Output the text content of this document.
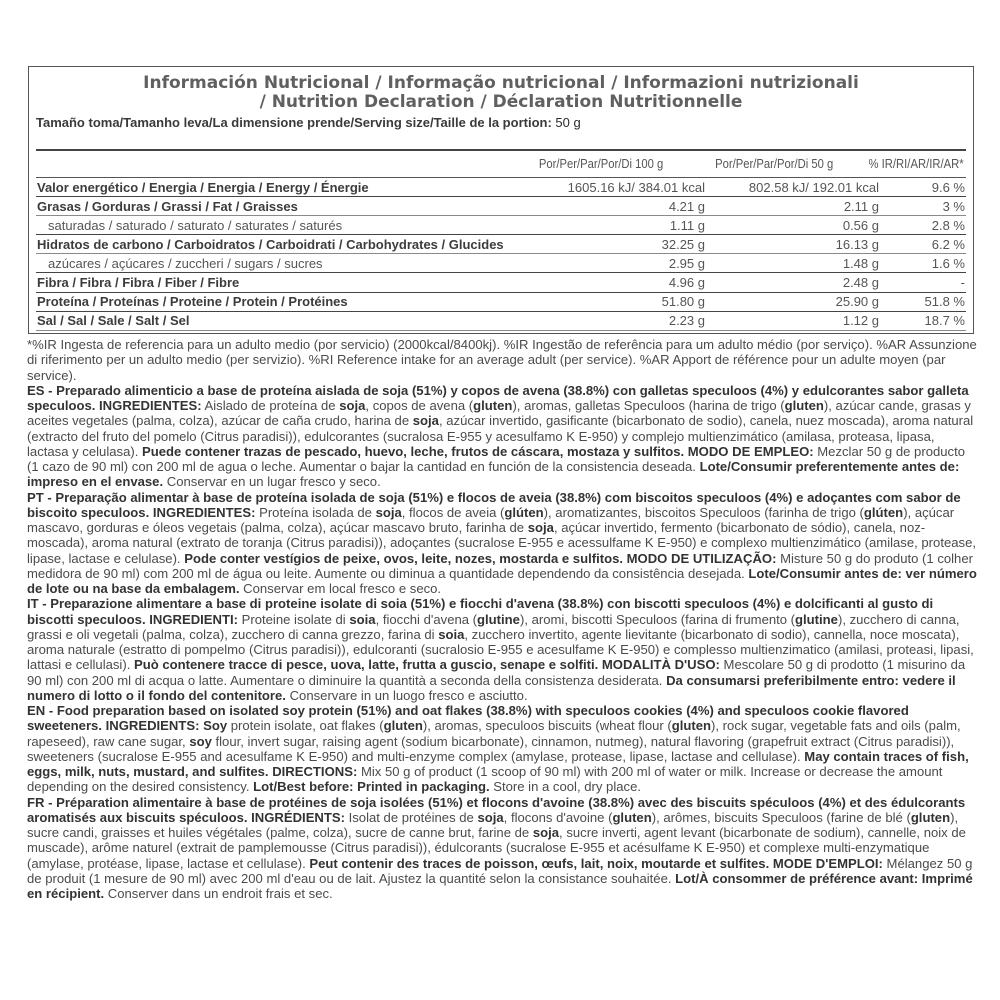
Información Nutricional / Informação nutricional / Informazioni nutrizionali
/ Nutrition Declaration / Déclaration Nutritionnelle
Tamaño toma/Tamanho leva/La dimensione prende/Serving size/Taille de la portion: 50 g
Por/Per/Par/Por/Di 100 g	Por/Per/Par/Por/Di 50 g	% IR/RI/AR/IR/AR*
Valor energético / Energia / Energia / Energy / Énergie	1605.16 kJ/ 384.01 kcal	802.58 kJ/ 192.01 kcal	9.6 %
Grasas / Gorduras / Grassi / Fat / Graisses	4.21 g	2.11 g	3 %
saturadas / saturado / saturato / saturates / saturés	1.11 g	0.56 g	2.8 %
Hidratos de carbono / Carboidratos / Carboidrati / Carbohydrates / Glucides	32.25 g	16.13 g	6.2 %
azúcares / açúcares / zuccheri / sugars / sucres	2.95 g	1.48 g	1.6 %
Fibra / Fibra / Fibra / Fiber / Fibre	4.96 g	2.48 g	-
Proteína / Proteínas / Proteine / Protein / Protéines	51.80 g	25.90 g	51.8 %
Sal / Sal / Sale / Salt / Sel	2.23 g	1.12 g	18.7 %

*%IR Ingesta de referencia para un adulto medio (por servicio) (2000kcal/8400kj). %IR Ingestão de referência para um adulto médio (por serviço). %AR Assunzione di riferimento per un adulto medio (per servizio). %RI Reference intake for an average adult (per service). %AR Apport de référence pour un adulte moyen (par service).

ES - Preparado alimenticio a base de proteína aislada de soja (51%) y copos de avena (38.8%) con galletas speculoos (4%) y edulcorantes sabor galleta speculoos. INGREDIENTES: Aislado de proteína de soja, copos de avena (gluten), aromas, galletas Speculoos (harina de trigo (gluten), azúcar cande, grasas y aceites vegetales (palma, colza), azúcar de caña crudo, harina de soja, azúcar invertido, gasificante (bicarbonato de sodio), canela, nuez moscada), aroma natural (extracto del fruto del pomelo (Citrus paradisi)), edulcorantes (sucralosa E-955 y acesulfamo K E-950) y complejo multienzimático (amilasa, proteasa, lipasa, lactasa y celulasa). Puede contener trazas de pescado, huevo, leche, frutos de cáscara, mostaza y sulfitos. MODO DE EMPLEO: Mezclar 50 g de producto (1 cazo de 90 ml) con 200 ml de agua o leche. Aumentar o bajar la cantidad en función de la consistencia deseada. Lote/Consumir preferentemente antes de: impreso en el envase. Conservar en un lugar fresco y seco.

PT - Preparação alimentar à base de proteína isolada de soja (51%) e flocos de aveia (38.8%) com biscoitos speculoos (4%) e adoçantes com sabor de biscoito speculoos. INGREDIENTES: Proteína isolada de soja, flocos de aveia (glúten), aromatizantes, biscoitos Speculoos (farinha de trigo (glúten), açúcar mascavo, gorduras e óleos vegetais (palma, colza), açúcar mascavo bruto, farinha de soja, açúcar invertido, fermento (bicarbonato de sódio), canela, noz-moscada), aroma natural (extrato de toranja (Citrus paradisi)), adoçantes (sucralose E-955 e acessulfame K E-950) e complexo multienzimático (amilase, protease, lipase, lactase e celulase). Pode conter vestígios de peixe, ovos, leite, nozes, mostarda e sulfitos. MODO DE UTILIZAÇÃO: Misture 50 g do produto (1 colher medidora de 90 ml) com 200 ml de água ou leite. Aumente ou diminua a quantidade dependendo da consistência desejada. Lote/Consumir antes de: ver número de lote ou na base da embalagem. Conservar em local fresco e seco.

IT - Preparazione alimentare a base di proteine isolate di soia (51%) e fiocchi d'avena (38.8%) con biscotti speculoos (4%) e dolcificanti al gusto di biscotti speculoos. INGREDIENTI: Proteine isolate di soia, fiocchi d'avena (glutine), aromi, biscotti Speculoos (farina di frumento (glutine), zucchero di canna, grassi e oli vegetali (palma, colza), zucchero di canna grezzo, farina di soia, zucchero invertito, agente lievitante (bicarbonato di sodio), cannella, noce moscata), aroma naturale (estratto di pompelmo (Citrus paradisi)), edulcoranti (sucralosio E-955 e acesulfame K E-950) e complesso multienzimatico (amilasi, proteasi, lipasi, lattasi e cellulasi). Può contenere tracce di pesce, uova, latte, frutta a guscio, senape e solfiti. MODALITÀ D'USO: Mescolare 50 g di prodotto (1 misurino da 90 ml) con 200 ml di acqua o latte. Aumentare o diminuire la quantità a seconda della consistenza desiderata. Da consumarsi preferibilmente entro: vedere il numero di lotto o il fondo del contenitore. Conservare in un luogo fresco e asciutto.

EN - Food preparation based on isolated soy protein (51%) and oat flakes (38.8%) with speculoos cookies (4%) and speculoos cookie flavored sweeteners. INGREDIENTS: Soy protein isolate, oat flakes (gluten), aromas, speculoos biscuits (wheat flour (gluten), rock sugar, vegetable fats and oils (palm, rapeseed), raw cane sugar, soy flour, invert sugar, raising agent (sodium bicarbonate), cinnamon, nutmeg), natural flavoring (grapefruit extract (Citrus paradisi)), sweeteners (sucralose E-955 and acesulfame K E-950) and multi-enzyme complex (amylase, protease, lipase, lactase and cellulase). May contain traces of fish, eggs, milk, nuts, mustard, and sulfites. DIRECTIONS: Mix 50 g of product (1 scoop of 90 ml) with 200 ml of water or milk. Increase or decrease the amount depending on the desired consistency. Lot/Best before: Printed in packaging. Store in a cool, dry place.

FR - Préparation alimentaire à base de protéines de soja isolées (51%) et flocons d'avoine (38.8%) avec des biscuits spéculoos (4%) et des édulcorants aromatisés aux biscuits spéculoos. INGRÉDIENTS: Isolat de protéines de soja, flocons d'avoine (gluten), arômes, biscuits Speculoos (farine de blé (gluten), sucre candi, graisses et huiles végétales (palme, colza), sucre de canne brut, farine de soja, sucre inverti, agent levant (bicarbonate de sodium), cannelle, noix de muscade), arôme naturel (extrait de pamplemousse (Citrus paradisi)), édulcorants (sucralose E-955 et acésulfame K E-950) et complexe multi-enzymatique (amylase, protéase, lipase, lactase et cellulase). Peut contenir des traces de poisson, œufs, lait, noix, moutarde et sulfites. MODE D'EMPLOI: Mélangez 50 g de produit (1 mesure de 90 ml) avec 200 ml d'eau ou de lait. Ajustez la quantité selon la consistance souhaitée. Lot/À consommer de préférence avant: Imprimé en récipient. Conserver dans un endroit frais et sec.
